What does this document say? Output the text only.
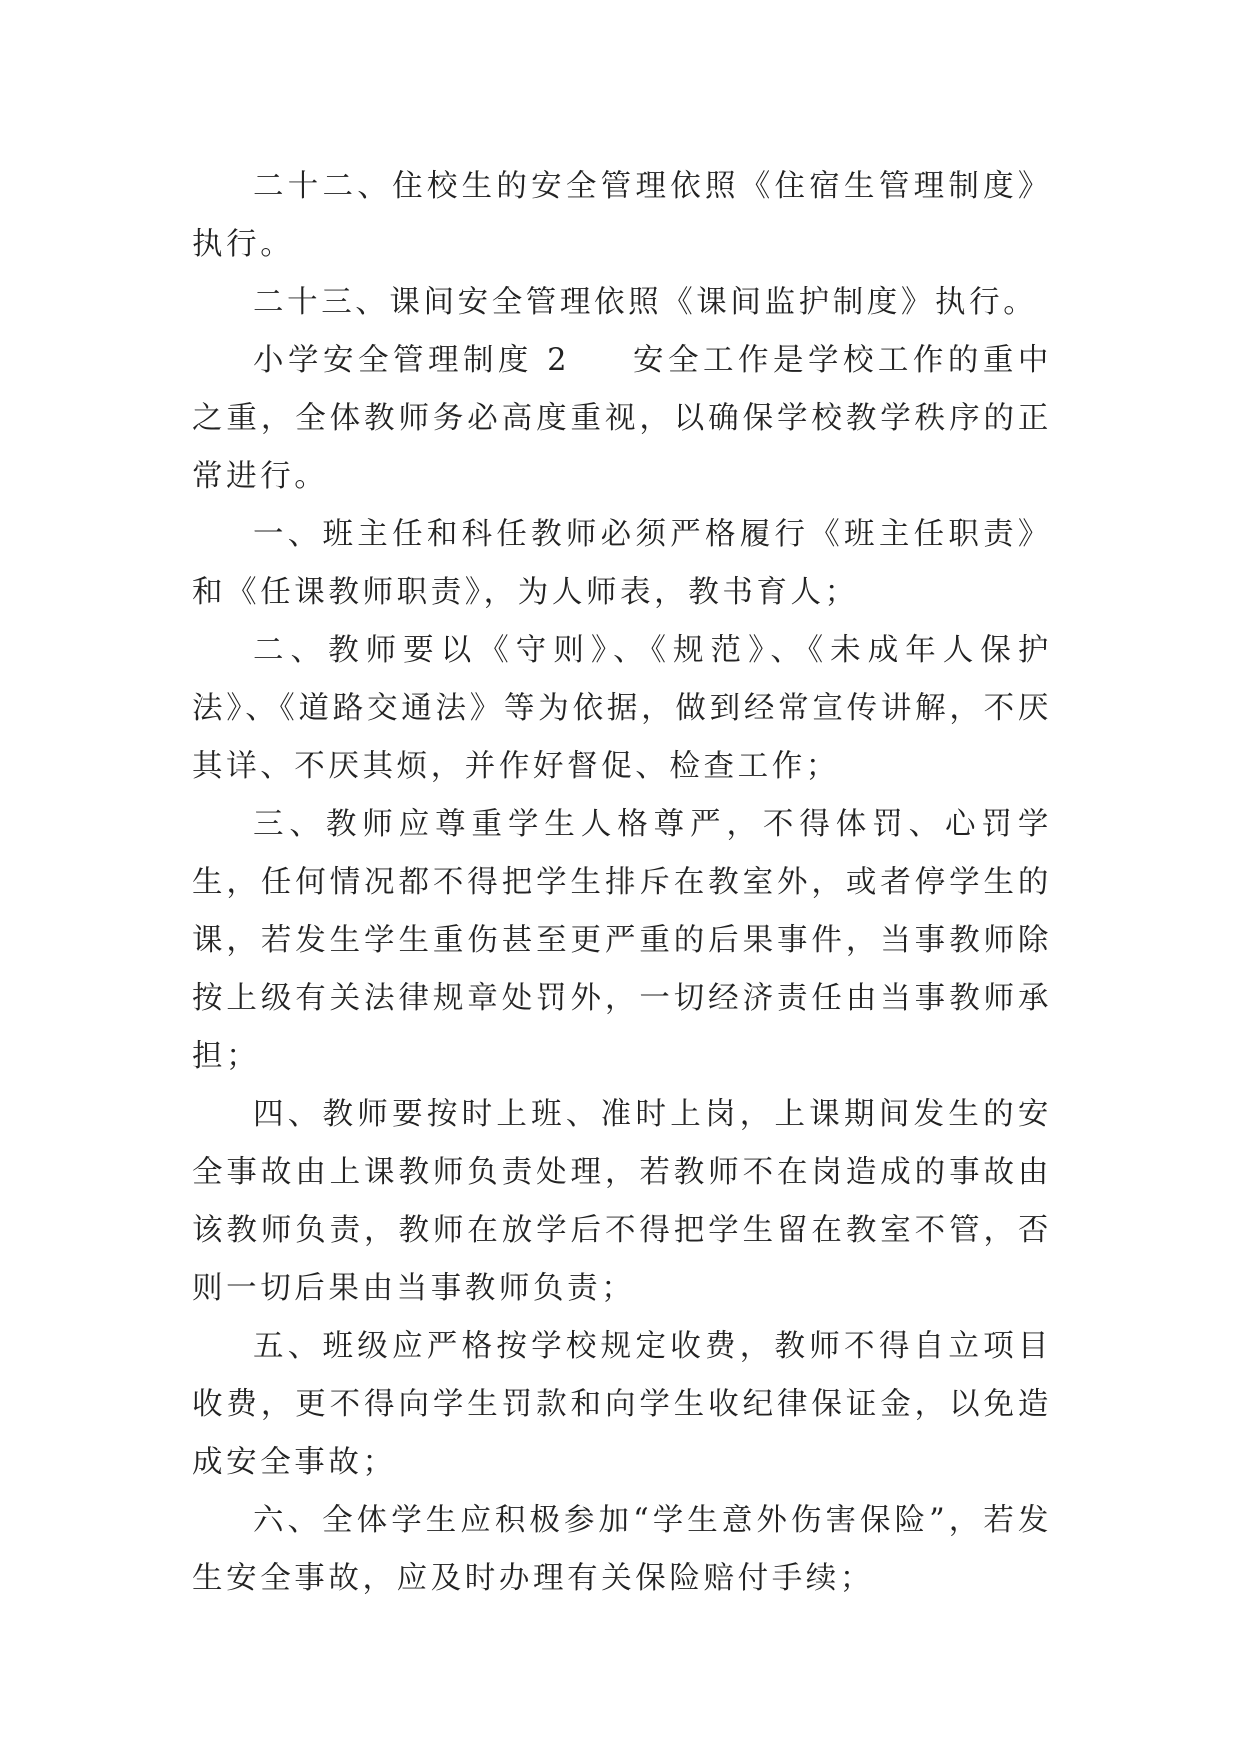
二十二、住校生的安全管理依照《住宿生管理制度》执行。

二十三、课间安全管理依照《课间监护制度》执行。

小学安全管理制度 2 安全工作是学校工作的重中之重，全体教师务必高度重视，以确保学校教学秩序的正常进行。

一、班主任和科任教师必须严格履行《班主任职责》和《任课教师职责》，为人师表，教书育人；

二、教师要以《守则》、《规范》、《未成年人保护法》、《道路交通法》等为依据，做到经常宣传讲解，不厌其详、不厌其烦，并作好督促、检查工作；

三、教师应尊重学生人格尊严，不得体罚、心罚学生，任何情况都不得把学生排斥在教室外，或者停学生的课，若发生学生重伤甚至更严重的后果事件，当事教师除按上级有关法律规章处罚外，一切经济责任由当事教师承担；

四、教师要按时上班、准时上岗，上课期间发生的安全事故由上课教师负责处理，若教师不在岗造成的事故由该教师负责，教师在放学后不得把学生留在教室不管，否则一切后果由当事教师负责；

五、班级应严格按学校规定收费，教师不得自立项目收费，更不得向学生罚款和向学生收纪律保证金，以免造成安全事故；

六、全体学生应积极参加“学生意外伤害保险”，若发生安全事故，应及时办理有关保险赔付手续；
